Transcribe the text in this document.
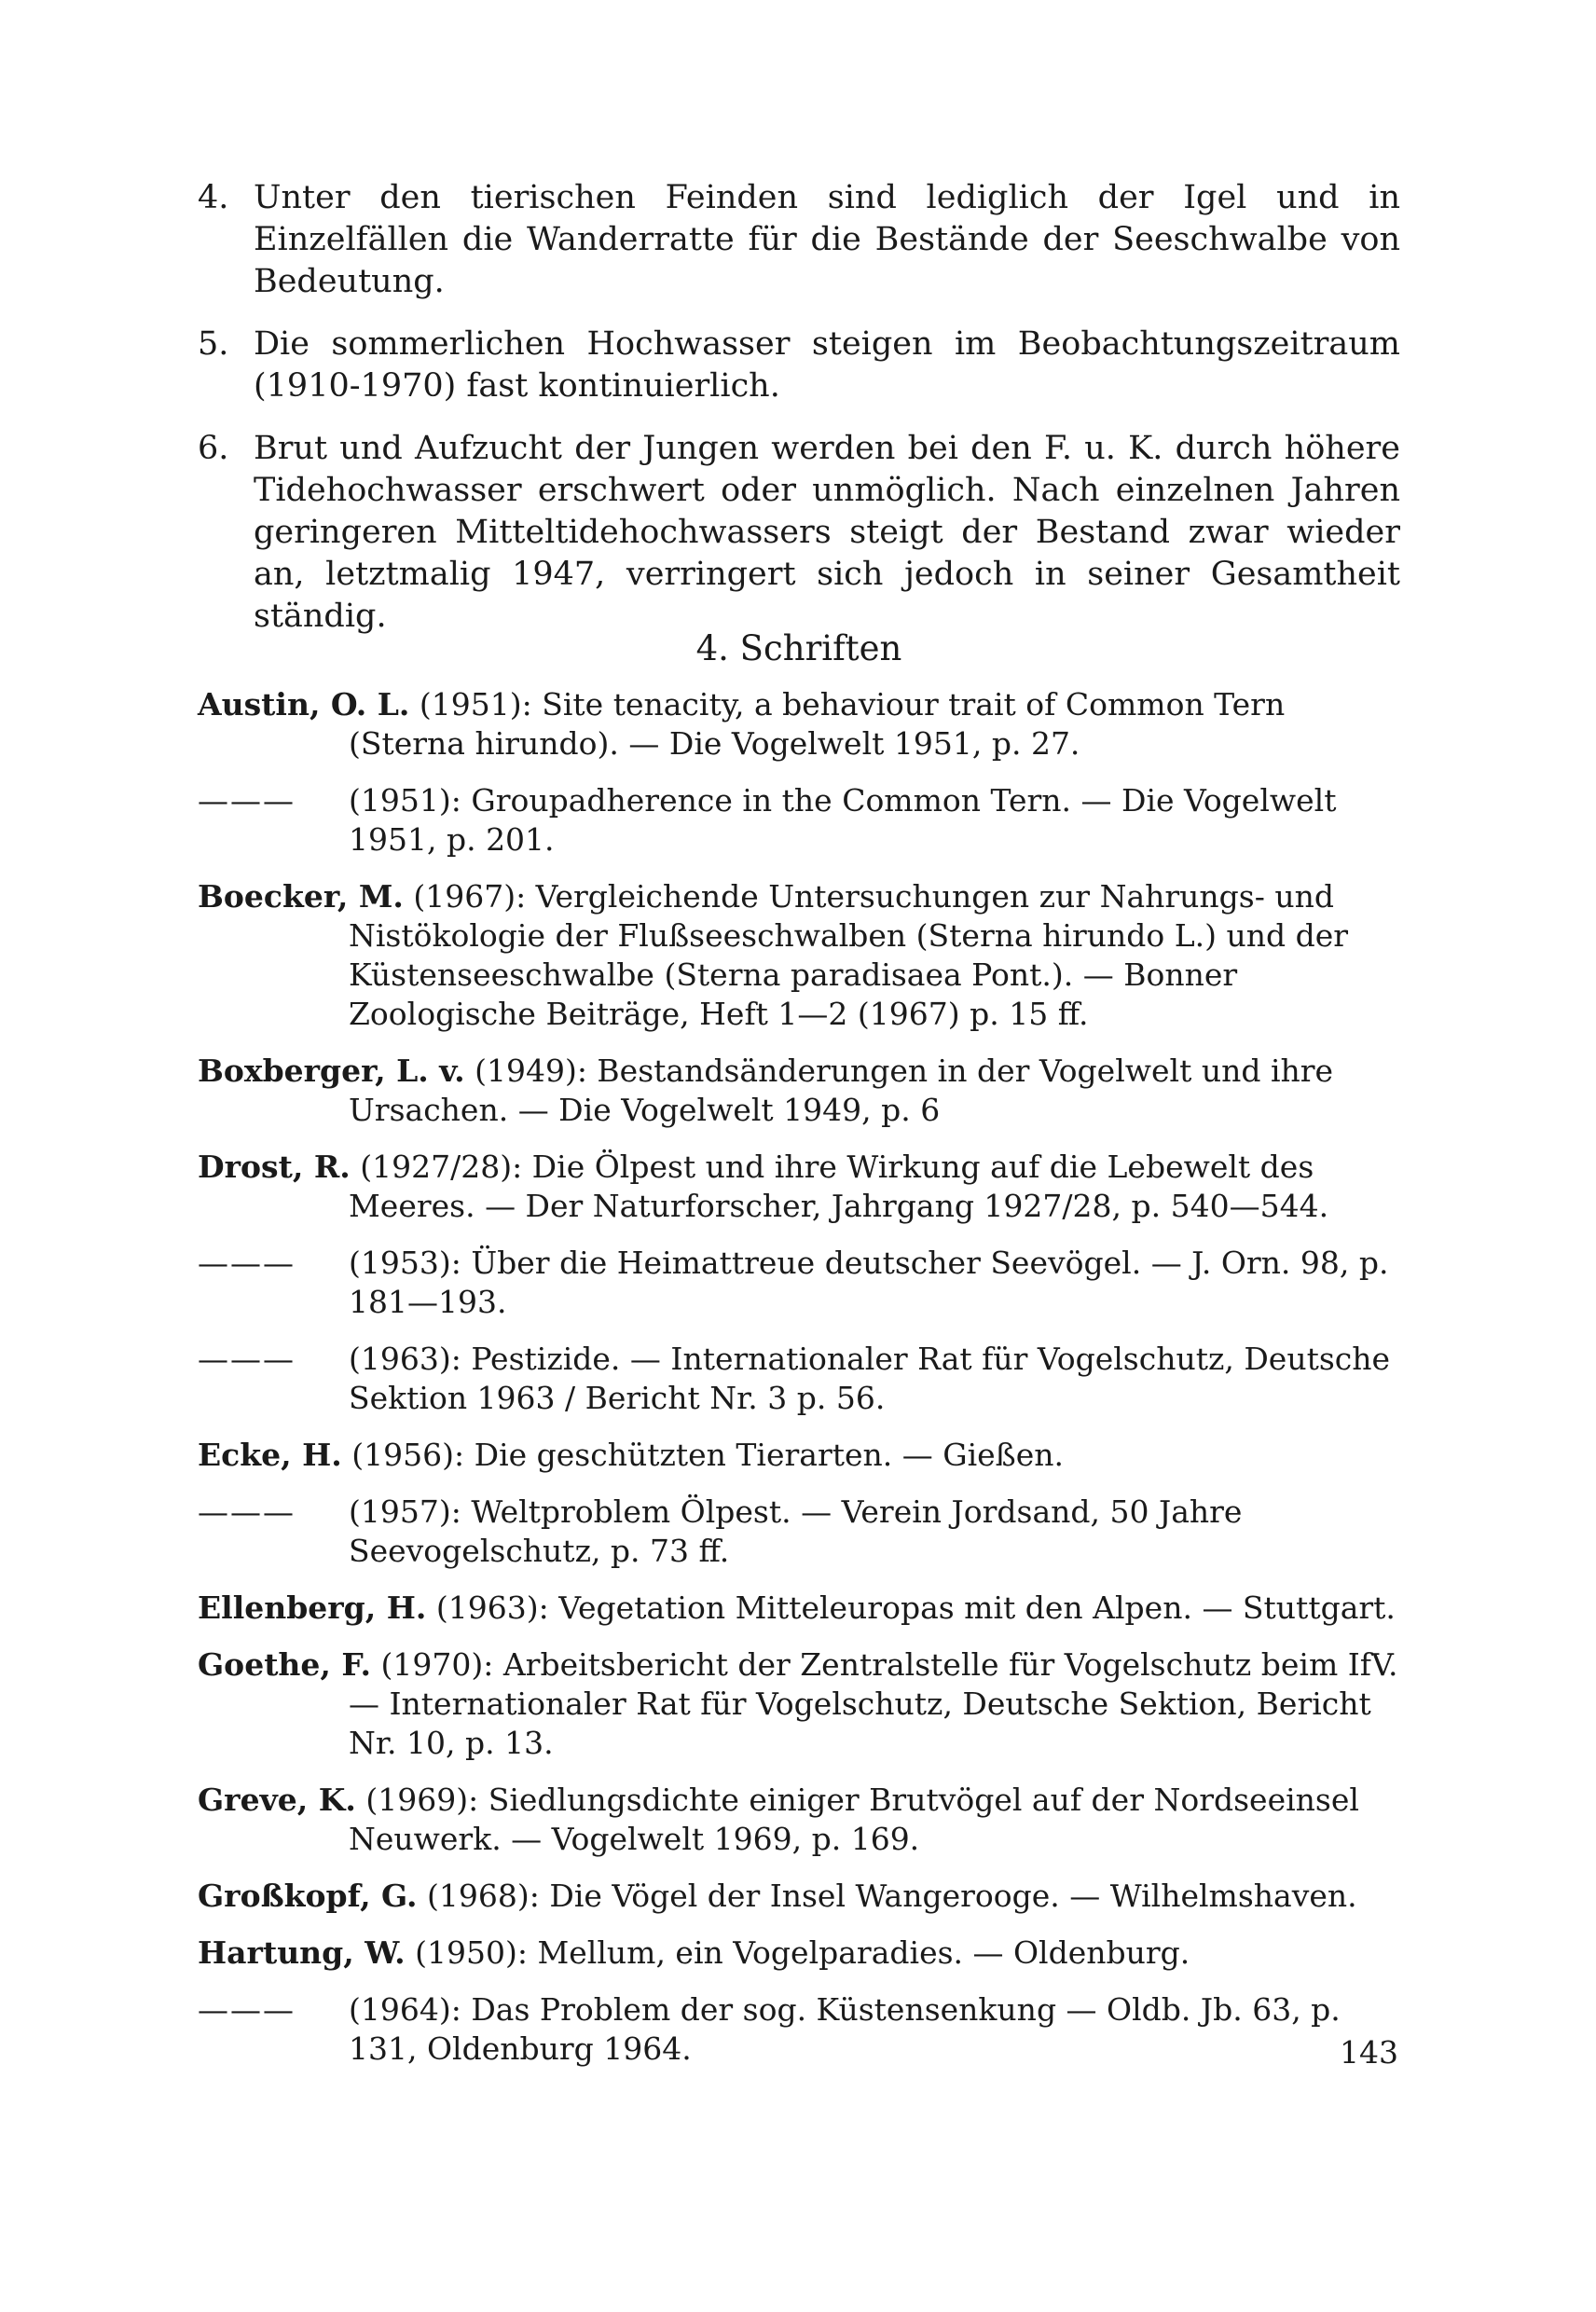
4. Unter den tierischen Feinden sind lediglich der Igel und in Einzelfällen die Wanderratte für die Bestände der Seeschwalbe von Bedeutung.
5. Die sommerlichen Hochwasser steigen im Beobachtungszeitraum (1910-1970) fast kontinuierlich.
6. Brut und Aufzucht der Jungen werden bei den F. u. K. durch höhere Tidehochwasser erschwert oder unmöglich. Nach einzelnen Jahren geringeren Mitteltidehochwassers steigt der Bestand zwar wieder an, letztmalig 1947, verringert sich jedoch in seiner Gesamtheit ständig.
4. Schriften
Austin, O. L. (1951): Site tenacity, a behaviour trait of Common Tern (Sterna hirundo). — Die Vogelwelt 1951, p. 27.
——— (1951): Groupadherence in the Common Tern. — Die Vogelwelt 1951, p. 201.
Boecker, M. (1967): Vergleichende Untersuchungen zur Nahrungs- und Nistökologie der Flußseeschwalben (Sterna hirundo L.) und der Küstenseeschwalbe (Sterna paradisaea Pont.). — Bonner Zoologische Beiträge, Heft 1—2 (1967) p. 15 ff.
Boxberger, L. v. (1949): Bestandsänderungen in der Vogelwelt und ihre Ursachen. — Die Vogelwelt 1949, p. 6
Drost, R. (1927/28): Die Ölpest und ihre Wirkung auf die Lebewelt des Meeres. — Der Naturforscher, Jahrgang 1927/28, p. 540—544.
——— (1953): Über die Heimattreue deutscher Seevögel. — J. Orn. 98, p. 181—193.
——— (1963): Pestizide. — Internationaler Rat für Vogelschutz, Deutsche Sektion 1963 / Bericht Nr. 3 p. 56.
Ecke, H. (1956): Die geschützten Tierarten. — Gießen.
——— (1957): Weltproblem Ölpest. — Verein Jordsand, 50 Jahre Seevogelschutz, p. 73 ff.
Ellenberg, H. (1963): Vegetation Mitteleuropas mit den Alpen. — Stuttgart.
Goethe, F. (1970): Arbeitsbericht der Zentralstelle für Vogelschutz beim IfV. — Internationaler Rat für Vogelschutz, Deutsche Sektion, Bericht Nr. 10, p. 13.
Greve, K. (1969): Siedlungsdichte einiger Brutvögel auf der Nordseeinsel Neuwerk. — Vogelwelt 1969, p. 169.
Großkopf, G. (1968): Die Vögel der Insel Wangerooge. — Wilhelmshaven.
Hartung, W. (1950): Mellum, ein Vogelparadies. — Oldenburg.
——— (1964): Das Problem der sog. Küstensenkung — Oldb. Jb. 63, p. 131, Oldenburg 1964.	143
